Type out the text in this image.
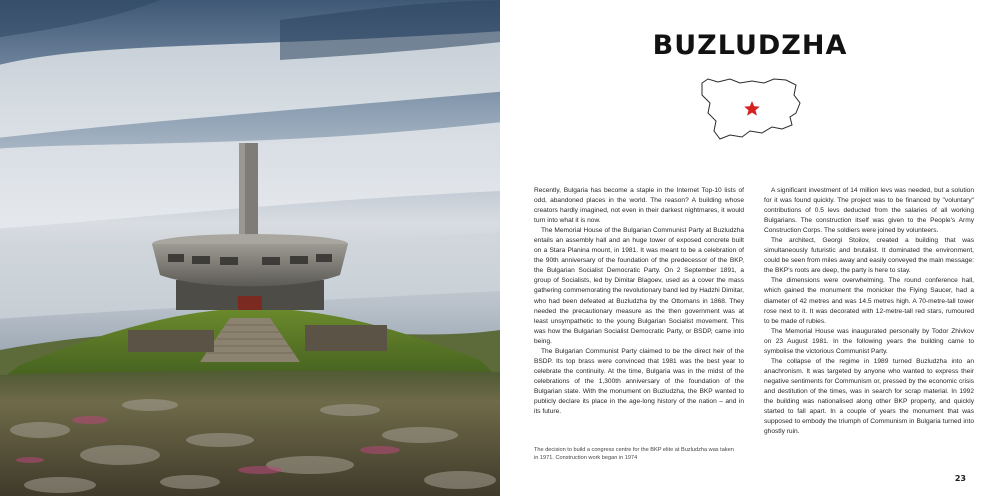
BUZLUDZHA

Recently, Bulgaria has become a staple in the Internet Top-10 lists of odd, abandoned places in the world. The reason? A building whose creators hardly imagined, not even in their darkest nightmares, it would turn into what it is now.

The Memorial House of the Bulgarian Communist Party at Buzludzha entails an assembly hall and an huge tower of exposed concrete built on a Stara Planina mount, in 1981. It was meant to be a celebration of the 90th anniversary of the foundation of the predecessor of the BKP, the Bulgarian Socialist Democratic Party. On 2 September 1891, a group of Socialists, led by Dimitar Blagoev, used as a cover the mass gathering commemorating the revolutionary band led by Hadzhi Dimitar, who had been defeated at Buzludzha by the Ottomans in 1868. They needed the precautionary measure as the then government was at least unsympathetic to the young Bulgarian Socialist movement. This was how the Bulgarian Socialist Democratic Party, or BSDP, came into being.

The Bulgarian Communist Party claimed to be the direct heir of the BSDP. Its top brass were convinced that 1981 was the best year to celebrate the continuity. At the time, Bulgaria was in the midst of the celebrations of the 1,300th anniversary of the foundation of the Bulgarian state. With the monument on Buzludzha, the BKP wanted to publicly declare its place in the age-long history of the nation – and in its future.

A significant investment of 14 million levs was needed, but a solution for it was found quickly. The project was to be financed by "voluntary" contributions of 0.5 levs deducted from the salaries of all working Bulgarians. The construction itself was given to the People's Army Construction Corps. The soldiers were joined by volunteers.

The architect, Georgi Stoilov, created a building that was simultaneously futuristic and brutalist. It dominated the environment, could be seen from miles away and easily conveyed the main message: the BKP's roots are deep, the party is here to stay.

The dimensions were overwhelming. The round conference hall, which gained the monument the monicker the Flying Saucer, had a diameter of 42 metres and was 14.5 metres high. A 70-metre-tall tower rose next to it. It was decorated with 12-metre-tall red stars, rumoured to be made of rubies.

The Memorial House was inaugurated personally by Todor Zhivkov on 23 August 1981. In the following years the building came to symbolise the victorious Communist Party.

The collapse of the regime in 1989 turned Buzludzha into an anachronism. It was targeted by anyone who wanted to express their negative sentiments for Communism or, pressed by the economic crisis and destitution of the times, was in search for scrap material. In 1992 the building was nationalised along other BKP property, and quickly started to fall apart. In a couple of years the monument that was supposed to embody the triumph of Communism in Bulgaria turned into ghostly ruin.

The decision to build a congress centre for the BKP elite at Buzludzha was taken in 1971. Construction work began in 1974
23
